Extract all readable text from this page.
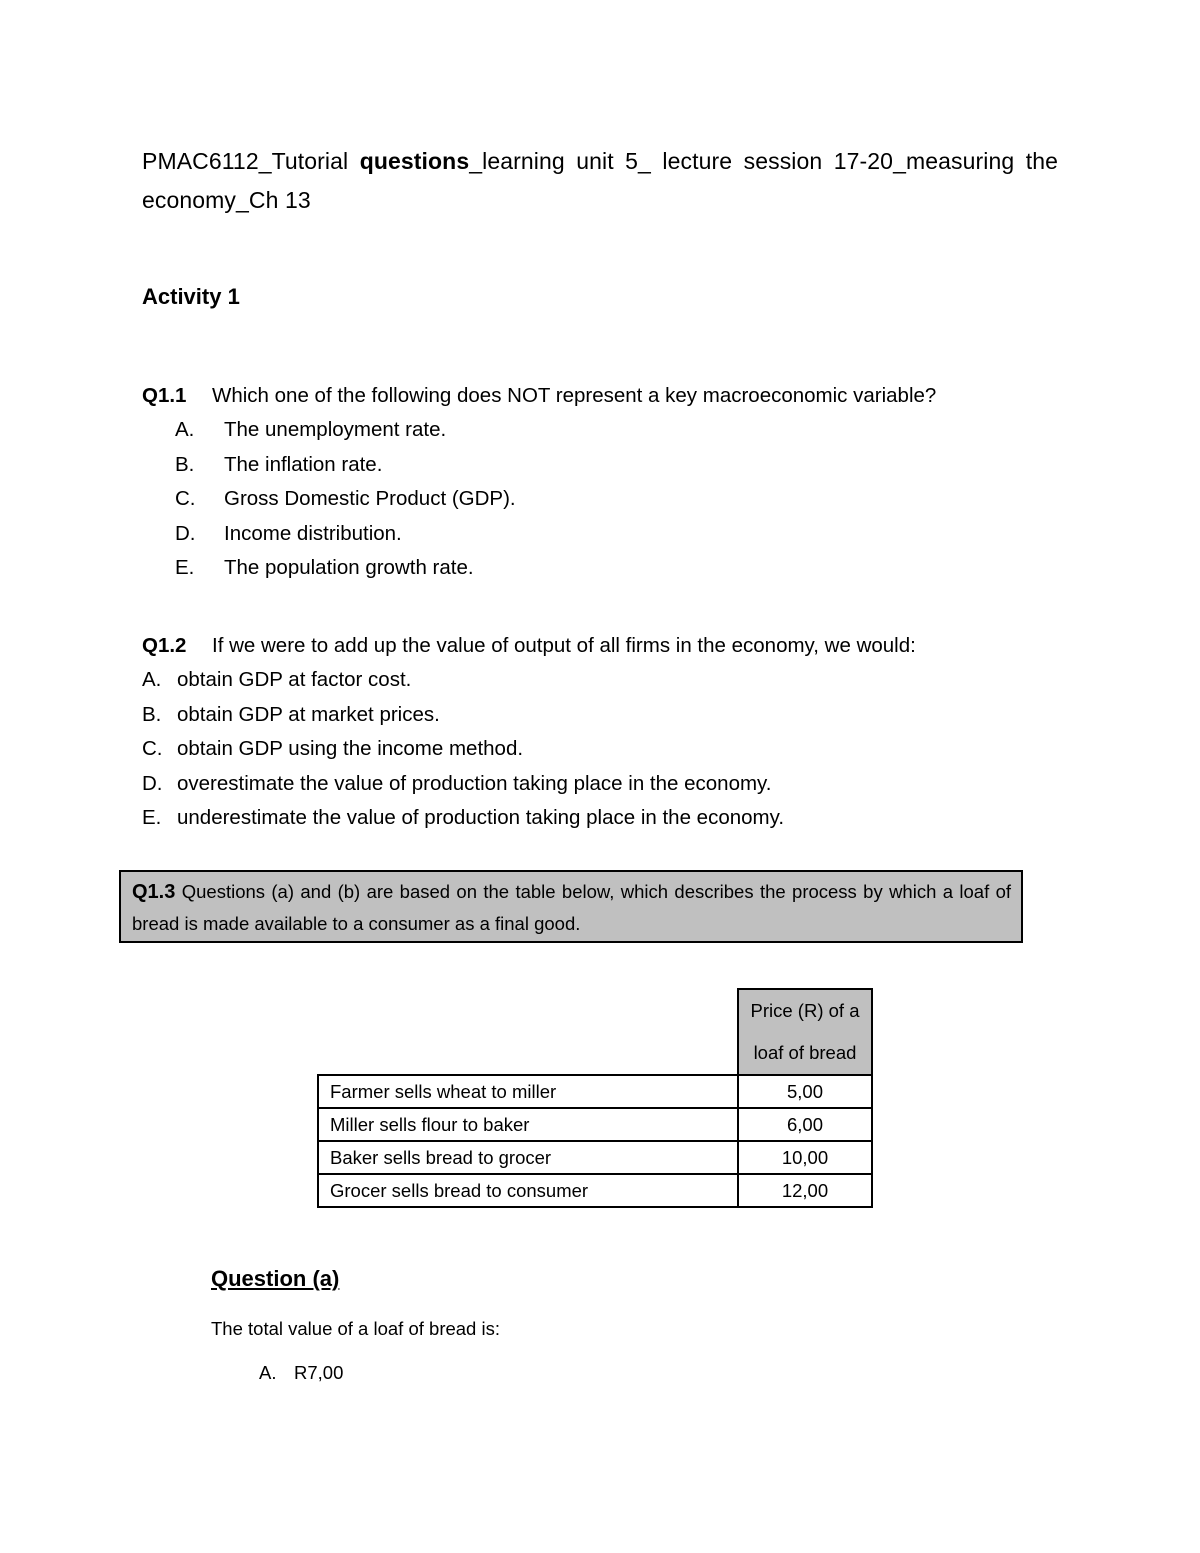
PMAC6112_Tutorial questions_learning unit 5_ lecture session 17-20_measuring the economy_Ch 13
Activity 1
Q1.1 Which one of the following does NOT represent a key macroeconomic variable?
A. The unemployment rate.
B. The inflation rate.
C. Gross Domestic Product (GDP).
D. Income distribution.
E. The population growth rate.
Q1.2 If we were to add up the value of output of all firms in the economy, we would:
A. obtain GDP at factor cost.
B. obtain GDP at market prices.
C. obtain GDP using the income method.
D. overestimate the value of production taking place in the economy.
E. underestimate the value of production taking place in the economy.
Q1.3 Questions (a) and (b) are based on the table below, which describes the process by which a loaf of bread is made available to a consumer as a final good.
	Price (R) of a loaf of bread
Farmer sells wheat to miller	5,00
Miller sells flour to baker	6,00
Baker sells bread to grocer	10,00
Grocer sells bread to consumer	12,00
Question (a)
The total value of a loaf of bread is:
A. R7,00
